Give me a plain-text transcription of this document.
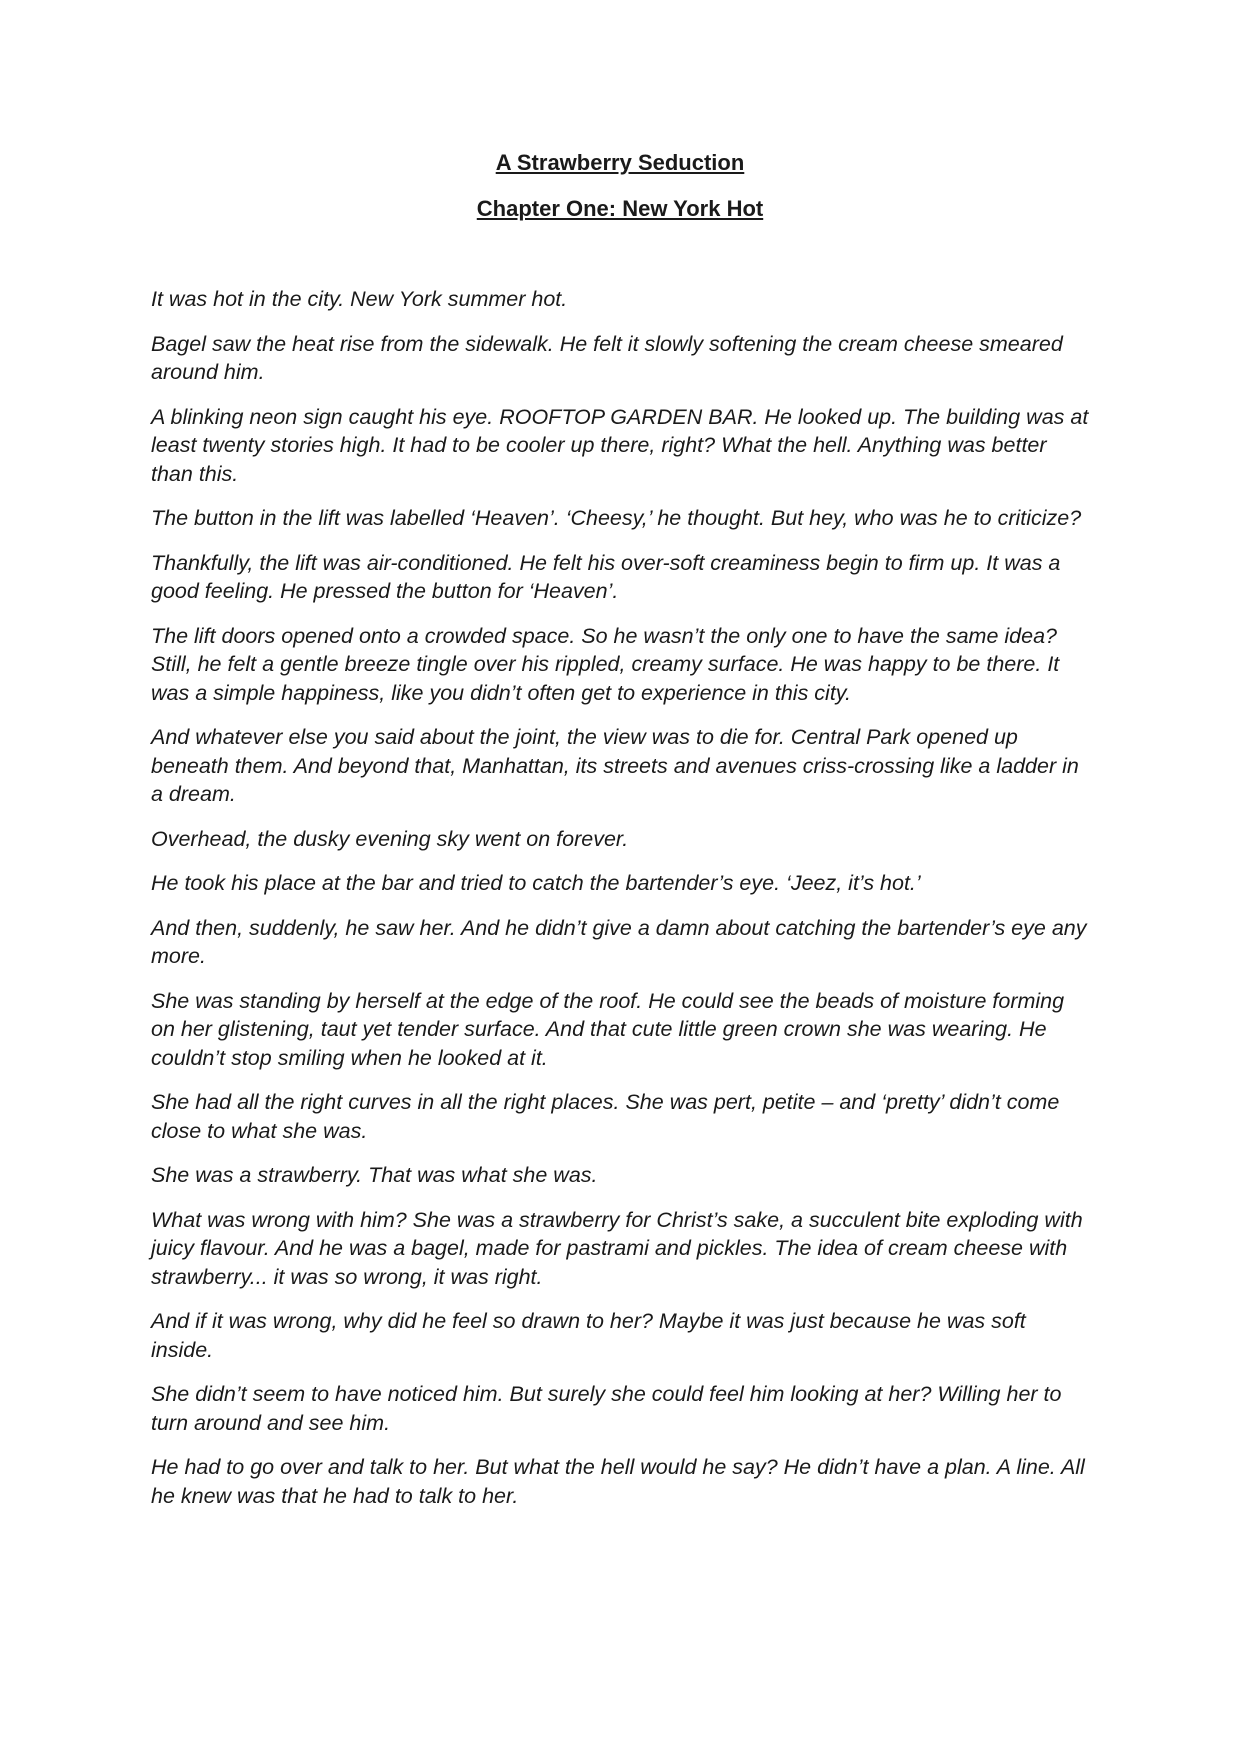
A Strawberry Seduction

Chapter One: New York Hot

It was hot in the city. New York summer hot.

Bagel saw the heat rise from the sidewalk. He felt it slowly softening the cream cheese smeared around him.

A blinking neon sign caught his eye. ROOFTOP GARDEN BAR. He looked up. The building was at least twenty stories high. It had to be cooler up there, right? What the hell. Anything was better than this.

The button in the lift was labelled ‘Heaven’. ‘Cheesy,’ he thought. But hey, who was he to criticize?

Thankfully, the lift was air-conditioned. He felt his over-soft creaminess begin to firm up. It was a good feeling. He pressed the button for ‘Heaven’.

The lift doors opened onto a crowded space. So he wasn’t the only one to have the same idea? Still, he felt a gentle breeze tingle over his rippled, creamy surface. He was happy to be there. It was a simple happiness, like you didn’t often get to experience in this city.

And whatever else you said about the joint, the view was to die for. Central Park opened up beneath them. And beyond that, Manhattan, its streets and avenues criss-crossing like a ladder in a dream.

Overhead, the dusky evening sky went on forever.

He took his place at the bar and tried to catch the bartender’s eye. ‘Jeez, it’s hot.’

And then, suddenly, he saw her. And he didn’t give a damn about catching the bartender’s eye any more.

She was standing by herself at the edge of the roof. He could see the beads of moisture forming on her glistening, taut yet tender surface. And that cute little green crown she was wearing. He couldn’t stop smiling when he looked at it.

She had all the right curves in all the right places. She was pert, petite – and ‘pretty’ didn’t come close to what she was.

She was a strawberry. That was what she was.

What was wrong with him? She was a strawberry for Christ’s sake, a succulent bite exploding with juicy flavour. And he was a bagel, made for pastrami and pickles. The idea of cream cheese with strawberry... it was so wrong, it was right.

And if it was wrong, why did he feel so drawn to her? Maybe it was just because he was soft inside.

She didn’t seem to have noticed him. But surely she could feel him looking at her? Willing her to turn around and see him.

He had to go over and talk to her. But what the hell would he say? He didn’t have a plan. A line. All he knew was that he had to talk to her.
